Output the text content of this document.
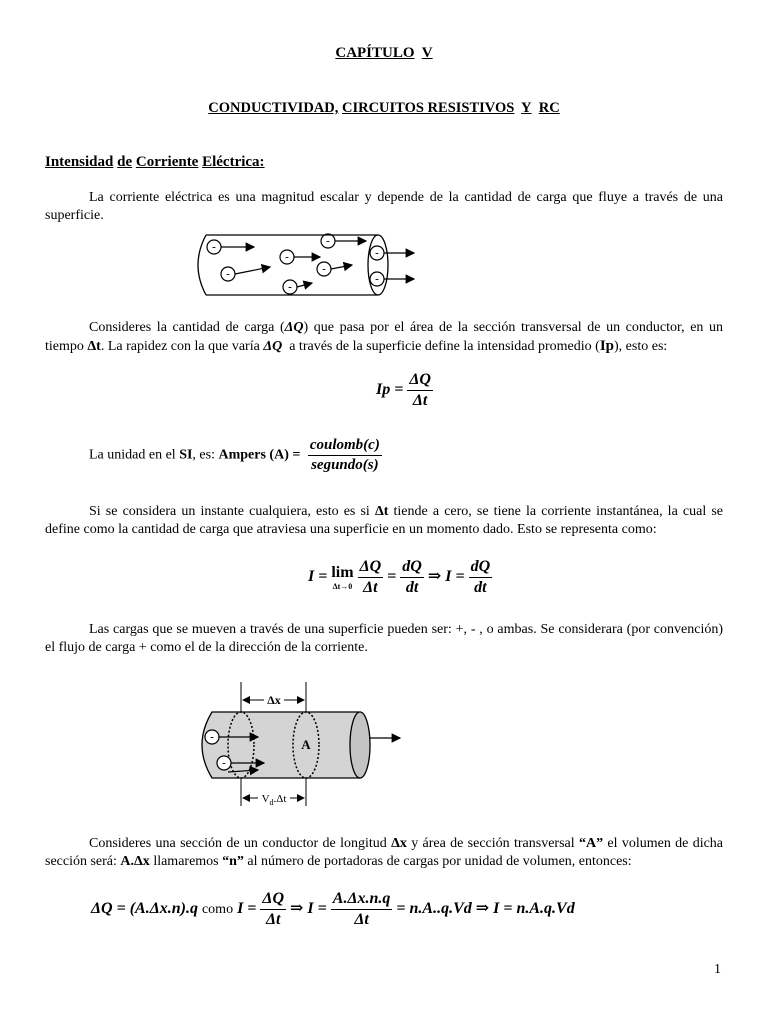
CAPÍTULO V
CONDUCTIVIDAD, CIRCUITOS RESISTIVOS Y RC
Intensidad de Corriente Eléctrica:
La corriente eléctrica es una magnitud escalar y depende de la cantidad de carga que fluye a través de una superficie.
-
-
-
-
-
-
-
-
Consideres la cantidad de carga (ΔQ) que pasa por el área de la sección transversal de un conductor, en un tiempo Δt. La rapidez con la que varía ΔQ a través de la superficie define la intensidad promedio (Ip), esto es:
$Ip = \frac{\Delta Q}{\Delta t}$
La unidad en el SI, es: Ampers $(A) = \frac{\text{coulomb(c)}}{\text{segundo(s)}}$
Si se considera un instante cualquiera, esto es si Δt tiende a cero, se tiene la corriente instantánea, la cual se define como la cantidad de carga que atraviesa una superficie en un momento dado. Esto se representa como:
I = lim
Δt→0
$\frac{\Delta Q}{\Delta t} = \frac{dQ}{dt}$ ⇒ $I = \frac{dQ}{dt}$
Las cargas que se mueven a través de una superficie pueden ser: +, - , o ambas. Se considerara (por convención) el flujo de carga + como el de la dirección de la corriente.
Δx
A
$V_d.\Delta t$
-
-
Consideres una sección de un conductor de longitud Δx y área de sección transversal “A” el volumen de dicha sección será: A.Δx llamaremos “n” al número de portadoras de cargas por unidad de volumen, entonces:
ΔQ = (A.Δx.n).q como $I = \frac{\Delta Q}{\Delta t}$ ⇒ $I = \frac{A.\Delta x.n.q}{\Delta t} = n.A..q.Vd$ ⇒ I = n.A.q.Vd
1
